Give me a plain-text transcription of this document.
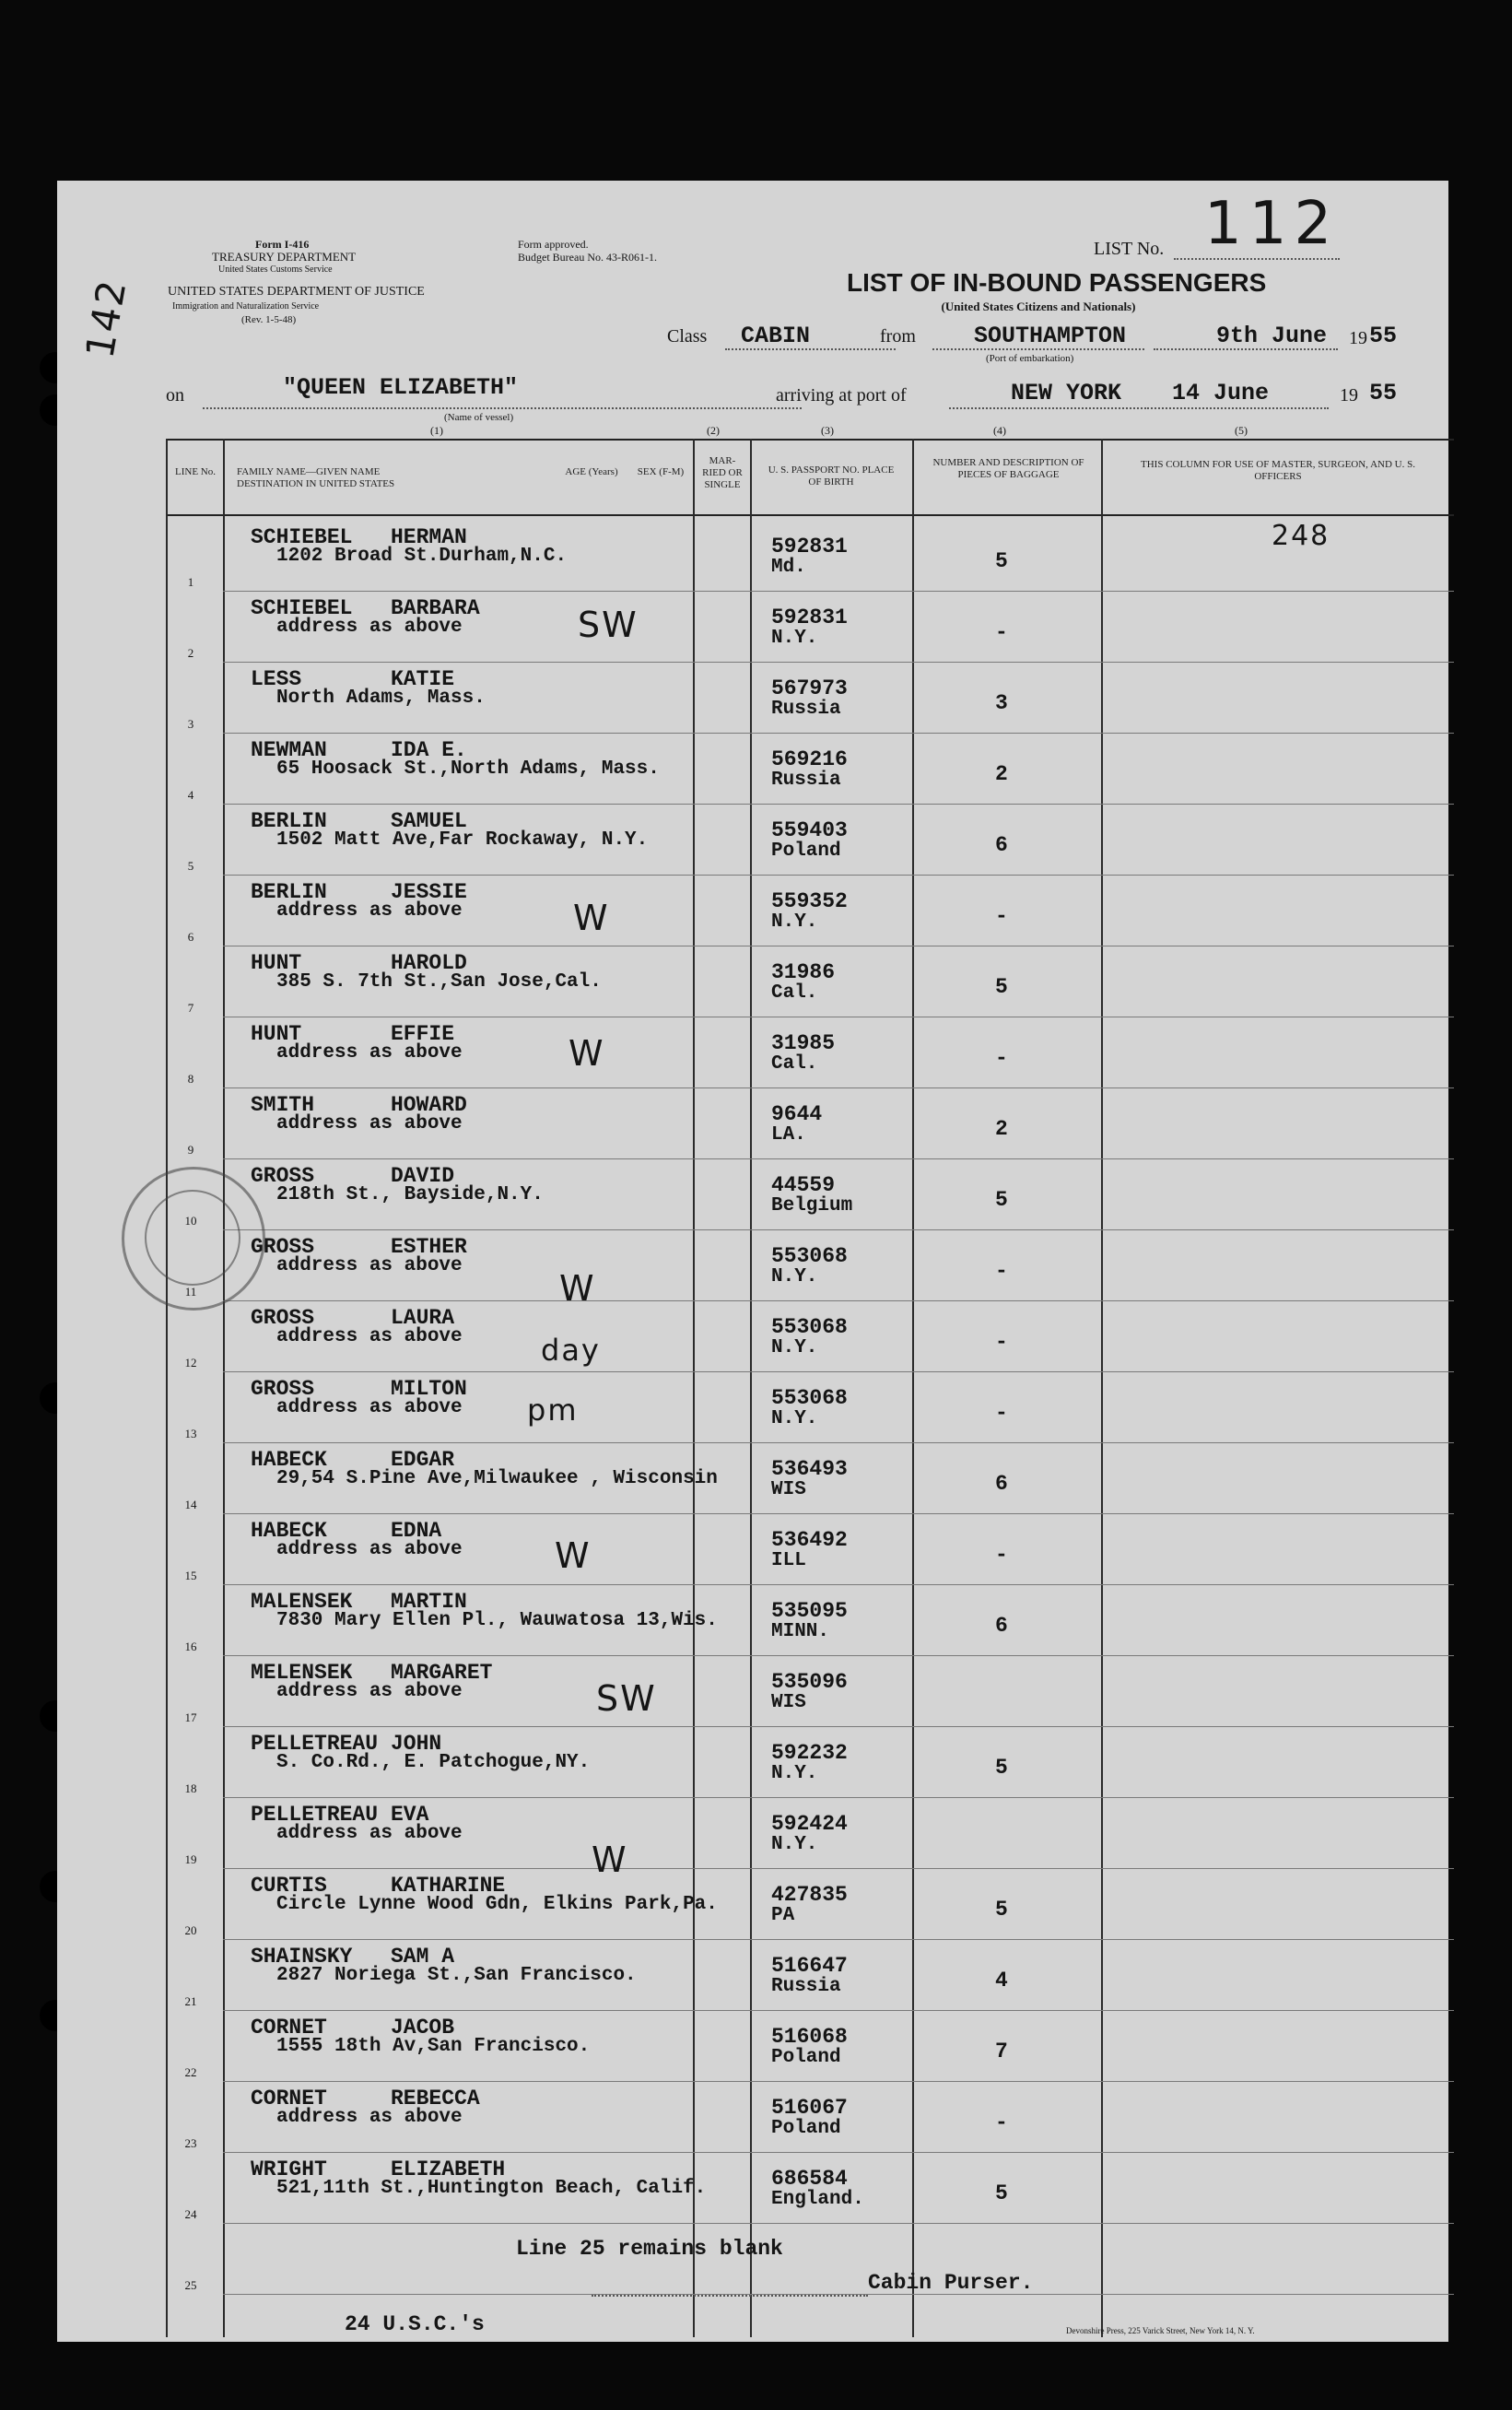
142
Form I-416
TREASURY DEPARTMENT
United States Customs Service
UNITED STATES DEPARTMENT OF JUSTICE
Immigration and Naturalization Service
(Rev. 1-5-48)
Form approved.
Budget Bureau No. 43-R061-1.	LIST No. 112
LIST OF IN-BOUND PASSENGERS
(United States Citizens and Nationals)
Class CABIN	from	SOUTHAMPTON
(Port of embarkation)
9th June 19 55
on	"QUEEN ELIZABETH"
(Name of vessel)
arriving at port of	NEW YORK 14 June	19 55
(1)	(2)	(3)	(4)	(5)
LINE No. FAMILY NAME—GIVEN NAME
DESTINATION IN UNITED STATES
AGE (Years)	SEX (F-M)
MAR-RIED OR SINGLE
U. S. PASSPORT NO. PLACE OF BIRTH
NUMBER AND DESCRIPTION OF PIECES OF BAGGAGE
THIS COLUMN FOR USE OF MASTER, SURGEON, AND U. S. OFFICERS
1
SCHIEBEL HERMAN
1202 Broad St.Durham,N.C.	592831
Md.	5
248
2
SCHIEBEL BARBARA
address as above	592831
N.Y.	-
3
LESS	KATIE
North Adams, Mass.	567973
Russia	3
4
NEWMAN	IDA E.
65 Hoosack St.,North Adams, Mass.	569216
Russia	2
5
BERLIN	SAMUEL
1502 Matt Ave,Far Rockaway, N.Y.	559403
Poland	6
6
BERLIN	JESSIE
address as above	559352
N.Y.	-
7
HUNT	HAROLD
385 S. 7th St.,San Jose,Cal.	31986
Cal.	5
8
HUNT	EFFIE
address as above	31985
Cal.	-
9
SMITH	HOWARD
address as above	9644
LA.	2
10
GROSS	DAVID
218th St., Bayside,N.Y.	44559
Belgium	5
11
GROSS	ESTHER
address as above	553068
N.Y.	-
12
GROSS	LAURA
address as above	553068
N.Y.	-
13
GROSS	MILTON
address as above	553068
N.Y.	-
14
HABECK	EDGAR
29,54 S.Pine Ave,Milwaukee , Wisconsin	536493
WIS	6
15
HABECK	EDNA
address as above	536492
ILL	-
16
MALENSEK MARTIN
7830 Mary Ellen Pl., Wauwatosa 13,Wis.	535095
MINN.	6
17
MELENSEK MARGARET
address as above	535096
WIS
18
PELLETREAU JOHN
S. Co.Rd., E. Patchogue,NY.	592232
N.Y.	5
19
PELLETREAU EVA
address as above	592424
N.Y.
20
CURTIS	KATHARINE
Circle Lynne Wood Gdn, Elkins Park,Pa.	427835
PA	5
21
SHAINSKY SAM A
2827 Noriega St.,San Francisco.	516647
Russia	4
22
CORNET	JACOB
1555 18th Av,San Francisco.	516068
Poland	7
23
CORNET	REBECCA
address as above	516067
Poland	-
24
WRIGHT	ELIZABETH
521,11th St.,Huntington Beach, Calif.	686584
England.	5
25
SW
W
W
W
day
pm
W
SW
W
Line 25 remains blank
Cabin Purser.
24 U.S.C.'s	Devonshire Press, 225 Varick Street, New York 14, N. Y.
